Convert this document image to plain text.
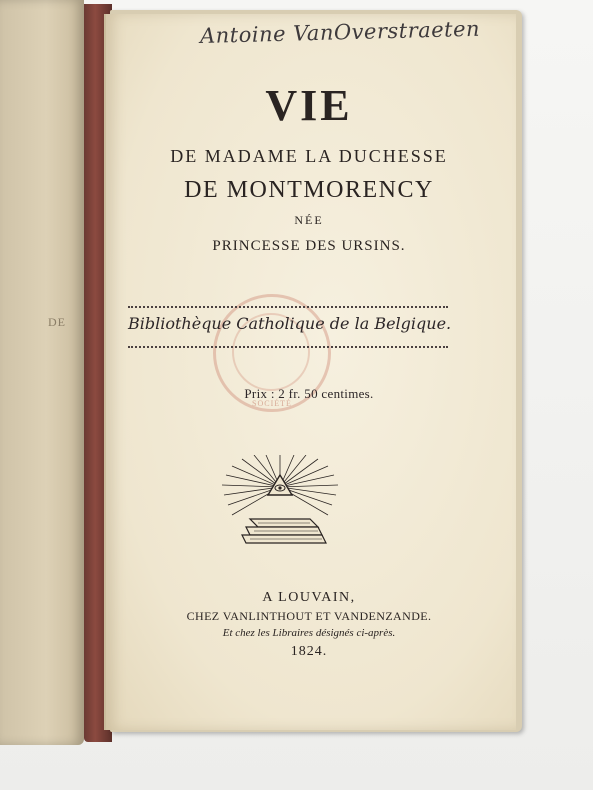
DE
Antoine VanOverstraeten
VIE
DE MADAME LA DUCHESSE
DE MONTMORENCY
NÉE
PRINCESSE DES URSINS.
SOCIÉTÉ
Bibliothèque Catholique de la Belgique.
Prix : 2 fr. 50 centimes.
A LOUVAIN,
CHEZ VANLINTHOUT ET VANDENZANDE.
Et chez les Libraires désignés ci-après.
1824.
